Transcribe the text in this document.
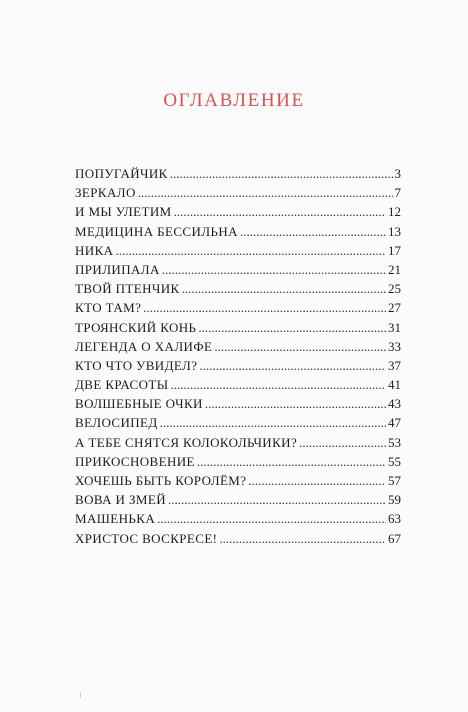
ОГЛАВЛЕНИЕ
ПОПУГАЙЧИК .....	3
ЗЕРКАЛО .....	7
И МЫ УЛЕТИМ .....	12
МЕДИЦИНА БЕССИЛЬНА .....	13
НИКА .....	17
ПРИЛИПАЛА .....	21
ТВОЙ ПТЕНЧИК .....	25
КТО ТАМ? .....	27
ТРОЯНСКИЙ КОНЬ .....	31
ЛЕГЕНДА О ХАЛИФЕ .....	33
КТО ЧТО УВИДЕЛ? .....	37
ДВЕ КРАСОТЫ .....	41
ВОЛШЕБНЫЕ ОЧКИ .....	43
ВЕЛОСИПЕД .....	47
А ТЕБЕ СНЯТСЯ КОЛОКОЛЬЧИКИ? .....	53
ПРИКОСНОВЕНИЕ .....	55
ХОЧЕШЬ БЫТЬ КОРОЛЁМ? .....	57
ВОВА И ЗМЕЙ .....	59
МАШЕНЬКА .....	63
ХРИСТОС ВОСКРЕСЕ! .....	67
